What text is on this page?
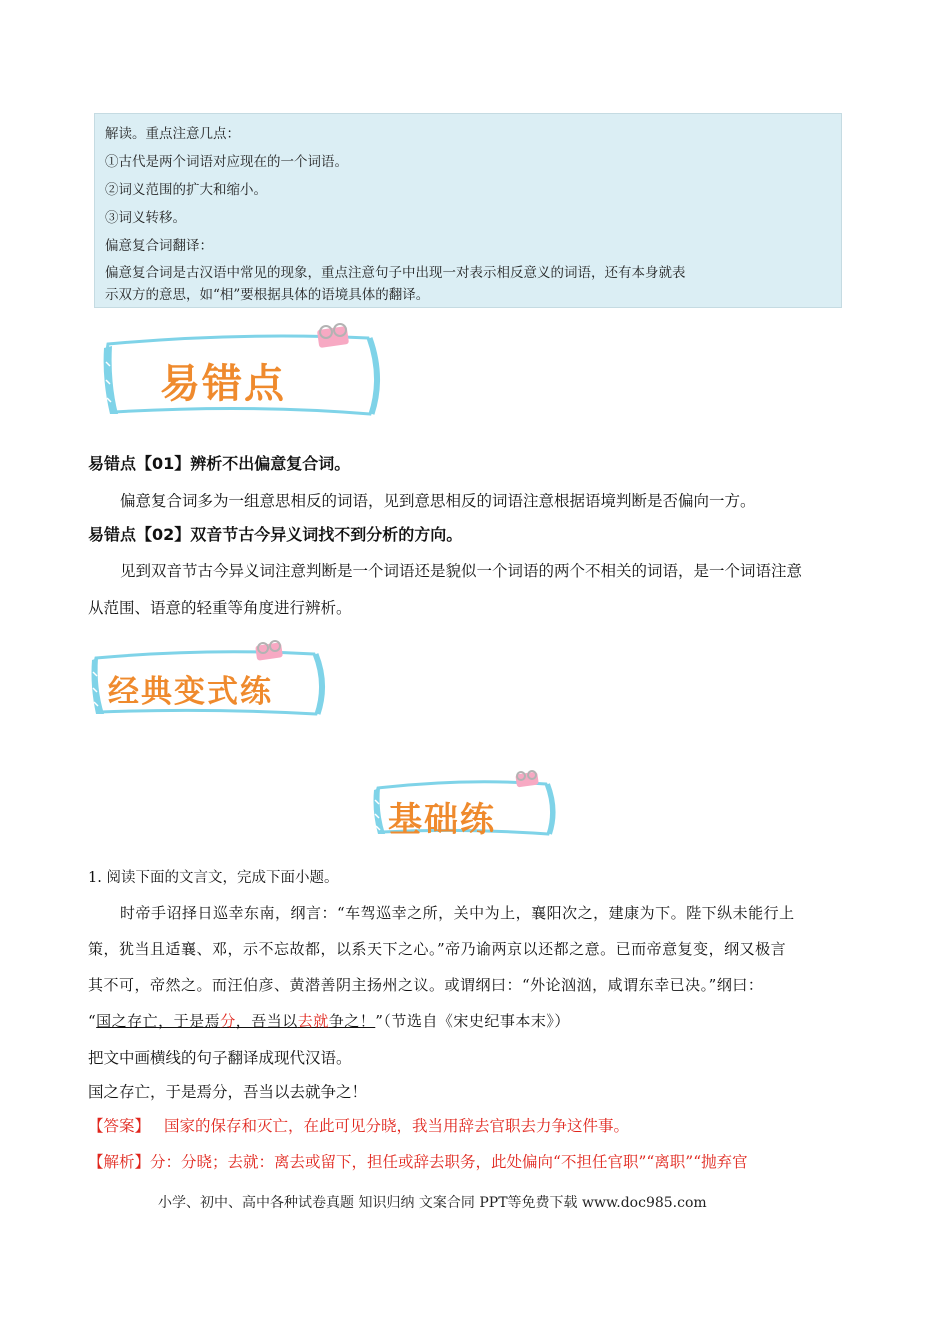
解读。重点注意几点：

①古代是两个词语对应现在的一个词语。

②词义范围的扩大和缩小。

③词义转移。

偏意复合词翻译：

偏意复合词是古汉语中常见的现象，重点注意句子中出现一对表示相反意义的词语，还有本身就表

示双方的意思，如“相”要根据具体的语境具体的翻译。

易错点
易错点【01】辨析不出偏意复合词。
偏意复合词多为一组意思相反的词语，见到意思相反的词语注意根据语境判断是否偏向一方。
易错点【02】双音节古今异义词找不到分析的方向。
见到双音节古今异义词注意判断是一个词语还是貌似一个词语的两个不相关的词语，是一个词语注意
从范围、语意的轻重等角度进行辨析。
经典变式练
基础练
1. 阅读下面的文言文，完成下面小题。
时帝手诏择日巡幸东南，纲言：“车驾巡幸之所，关中为上，襄阳次之，建康为下。陛下纵未能行上
策，犹当且适襄、邓，示不忘故都，以系天下之心。”帝乃谕两京以还都之意。已而帝意复变，纲又极言
其不可，帝然之。而汪伯彦、黄潜善阴主扬州之议。或谓纲曰：“外论汹汹，咸谓东幸已决。”纲曰：
“国之存亡，于是焉分，吾当以去就争之！”（节选自《宋史纪事本末》）
把文中画横线的句子翻译成现代汉语。
国之存亡，于是焉分，吾当以去就争之！
【答案】 国家的保存和灭亡，在此可见分晓，我当用辞去官职去力争这件事。
【解析】分：分晓；去就：离去或留下，担任或辞去职务，此处偏向“不担任官职”“离职”“抛弃官
小学、初中、高中各种试卷真题 知识归纳 文案合同 PPT等免费下载 www.doc985.com
